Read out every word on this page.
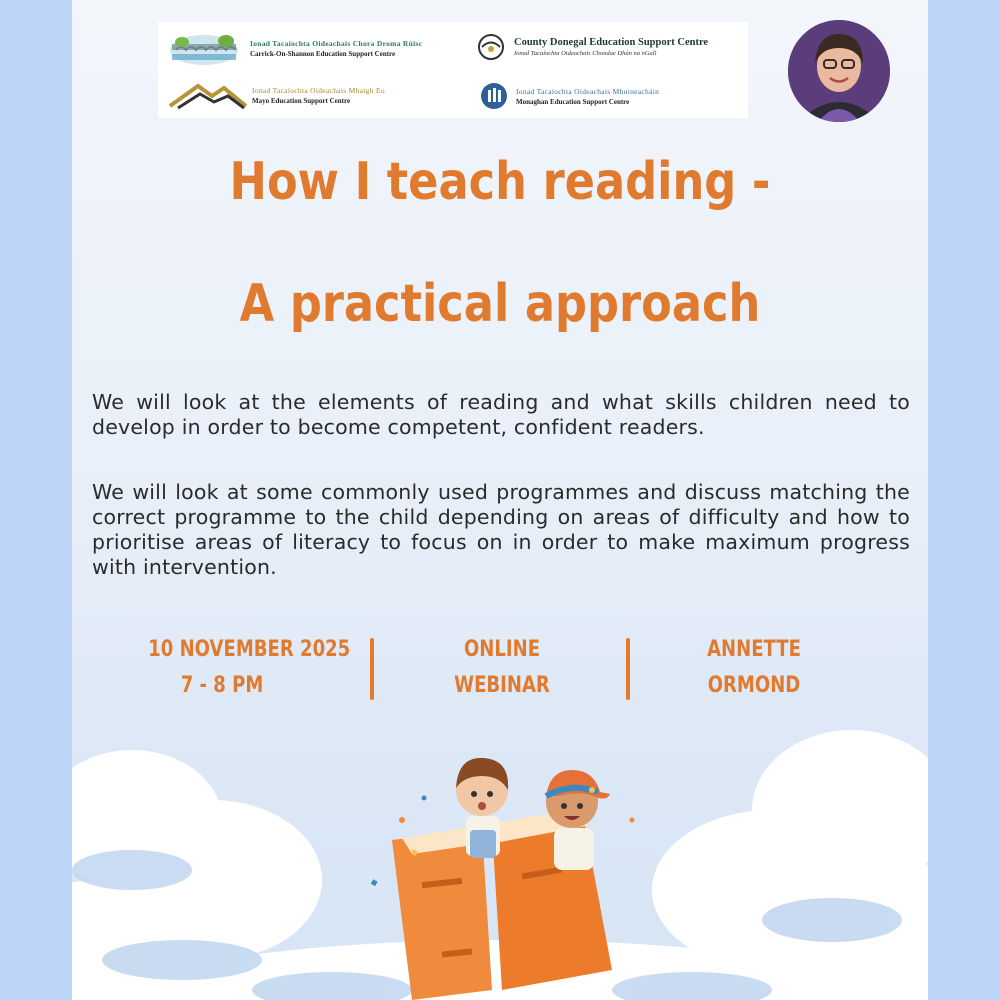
Ionad Tacaíochta Oideachais Chora Droma Rúisc
Carrick-On-Shannon Education Support Centre
County Donegal Education Support Centre
Ionad Tacaíochta Oideachais Chondae Dhún na nGall
Ionad Tacaíochta Oideachais Mhaigh Eo
Mayo Education Support Centre
Ionad Tacaíochta Oideachais Mhuineacháin
Monaghan Education Support Centre
How I teach reading -
A practical approach
We will look at the elements of reading and what skills children need to develop in order to become competent, confident readers.
We will look at some commonly used programmes and discuss matching the correct programme to the child depending on areas of difficulty and how to prioritise areas of literacy to focus on in order to make maximum progress with intervention.
10 NOVEMBER 2025
7 - 8 PM
ONLINE
WEBINAR
ANNETTE
ORMOND
